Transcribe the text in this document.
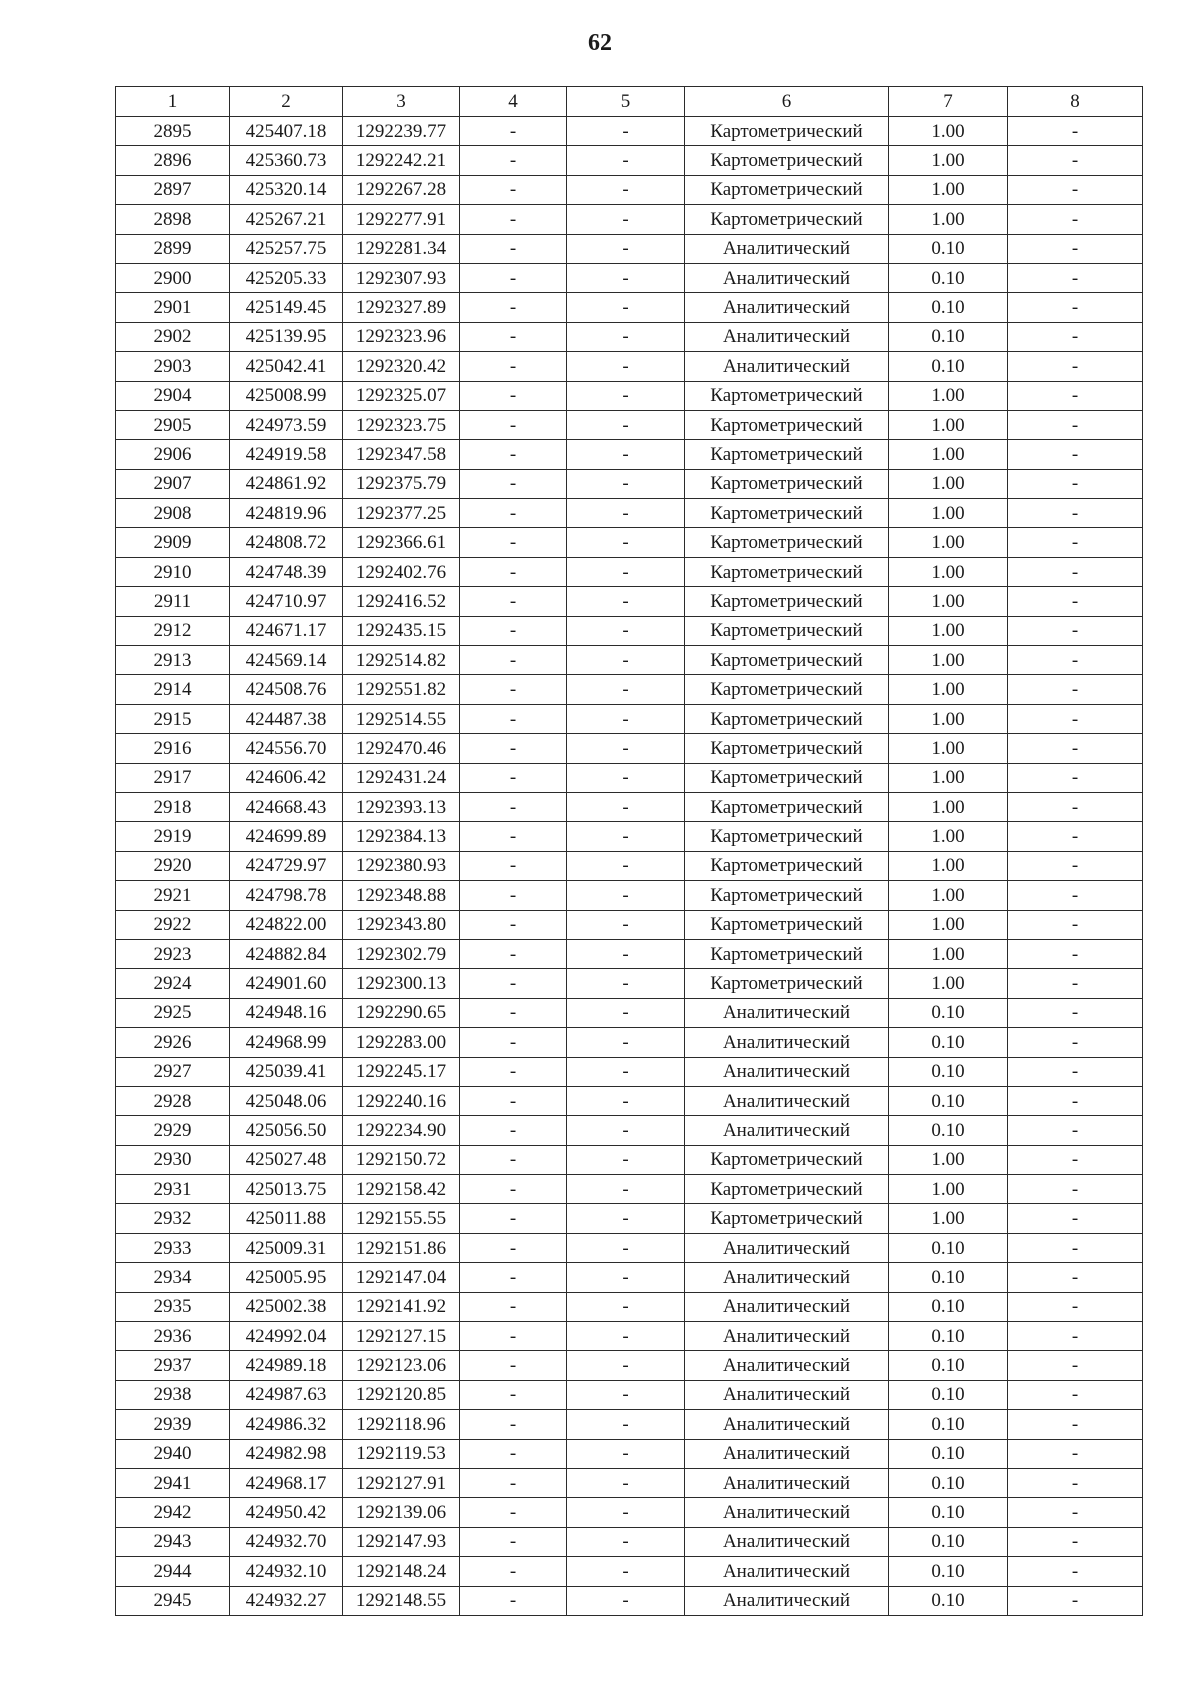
62
1	2	3	4	5	6	7	8
2895	425407.18	1292239.77	-	-	Картометрический	1.00	-
2896	425360.73	1292242.21	-	-	Картометрический	1.00	-
2897	425320.14	1292267.28	-	-	Картометрический	1.00	-
2898	425267.21	1292277.91	-	-	Картометрический	1.00	-
2899	425257.75	1292281.34	-	-	Аналитический	0.10	-
2900	425205.33	1292307.93	-	-	Аналитический	0.10	-
2901	425149.45	1292327.89	-	-	Аналитический	0.10	-
2902	425139.95	1292323.96	-	-	Аналитический	0.10	-
2903	425042.41	1292320.42	-	-	Аналитический	0.10	-
2904	425008.99	1292325.07	-	-	Картометрический	1.00	-
2905	424973.59	1292323.75	-	-	Картометрический	1.00	-
2906	424919.58	1292347.58	-	-	Картометрический	1.00	-
2907	424861.92	1292375.79	-	-	Картометрический	1.00	-
2908	424819.96	1292377.25	-	-	Картометрический	1.00	-
2909	424808.72	1292366.61	-	-	Картометрический	1.00	-
2910	424748.39	1292402.76	-	-	Картометрический	1.00	-
2911	424710.97	1292416.52	-	-	Картометрический	1.00	-
2912	424671.17	1292435.15	-	-	Картометрический	1.00	-
2913	424569.14	1292514.82	-	-	Картометрический	1.00	-
2914	424508.76	1292551.82	-	-	Картометрический	1.00	-
2915	424487.38	1292514.55	-	-	Картометрический	1.00	-
2916	424556.70	1292470.46	-	-	Картометрический	1.00	-
2917	424606.42	1292431.24	-	-	Картометрический	1.00	-
2918	424668.43	1292393.13	-	-	Картометрический	1.00	-
2919	424699.89	1292384.13	-	-	Картометрический	1.00	-
2920	424729.97	1292380.93	-	-	Картометрический	1.00	-
2921	424798.78	1292348.88	-	-	Картометрический	1.00	-
2922	424822.00	1292343.80	-	-	Картометрический	1.00	-
2923	424882.84	1292302.79	-	-	Картометрический	1.00	-
2924	424901.60	1292300.13	-	-	Картометрический	1.00	-
2925	424948.16	1292290.65	-	-	Аналитический	0.10	-
2926	424968.99	1292283.00	-	-	Аналитический	0.10	-
2927	425039.41	1292245.17	-	-	Аналитический	0.10	-
2928	425048.06	1292240.16	-	-	Аналитический	0.10	-
2929	425056.50	1292234.90	-	-	Аналитический	0.10	-
2930	425027.48	1292150.72	-	-	Картометрический	1.00	-
2931	425013.75	1292158.42	-	-	Картометрический	1.00	-
2932	425011.88	1292155.55	-	-	Картометрический	1.00	-
2933	425009.31	1292151.86	-	-	Аналитический	0.10	-
2934	425005.95	1292147.04	-	-	Аналитический	0.10	-
2935	425002.38	1292141.92	-	-	Аналитический	0.10	-
2936	424992.04	1292127.15	-	-	Аналитический	0.10	-
2937	424989.18	1292123.06	-	-	Аналитический	0.10	-
2938	424987.63	1292120.85	-	-	Аналитический	0.10	-
2939	424986.32	1292118.96	-	-	Аналитический	0.10	-
2940	424982.98	1292119.53	-	-	Аналитический	0.10	-
2941	424968.17	1292127.91	-	-	Аналитический	0.10	-
2942	424950.42	1292139.06	-	-	Аналитический	0.10	-
2943	424932.70	1292147.93	-	-	Аналитический	0.10	-
2944	424932.10	1292148.24	-	-	Аналитический	0.10	-
2945	424932.27	1292148.55	-	-	Аналитический	0.10	-
